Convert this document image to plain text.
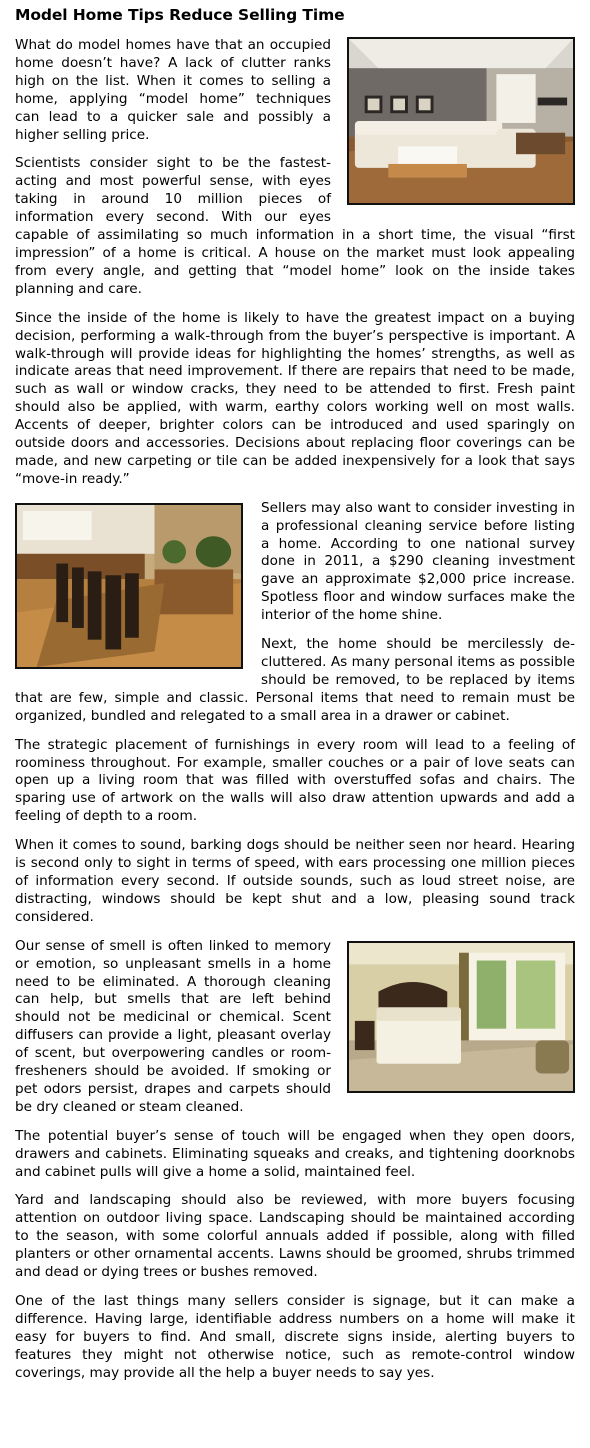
Model Home Tips Reduce Selling Time

What do model homes have that an occupied home doesn’t have? A lack of clutter ranks high on the list. When it comes to selling a home, applying “model home” techniques can lead to a quicker sale and possibly a higher selling price.

Scientists consider sight to be the fastest-acting and most powerful sense, with eyes taking in around 10 million pieces of information every second. With our eyes capable of assimilating so much information in a short time, the visual “first impression” of a home is critical. A house on the market must look appealing from every angle, and getting that “model home” look on the inside takes planning and care.

Since the inside of the home is likely to have the greatest impact on a buying decision, performing a walk-through from the buyer’s perspective is important. A walk-through will provide ideas for highlighting the homes’ strengths, as well as indicate areas that need improvement. If there are repairs that need to be made, such as wall or window cracks, they need to be attended to first. Fresh paint should also be applied, with warm, earthy colors working well on most walls. Accents of deeper, brighter colors can be introduced and used sparingly on outside doors and accessories. Decisions about replacing floor coverings can be made, and new carpeting or tile can be added inexpensively for a look that says “move-in ready.”

Sellers may also want to consider investing in a professional cleaning service before listing a home. According to one national survey done in 2011, a $290 cleaning investment gave an approximate $2,000 price increase. Spotless floor and window surfaces make the interior of the home shine.

Next, the home should be mercilessly de-cluttered. As many personal items as possible should be removed, to be replaced by items that are few, simple and classic. Personal items that need to remain must be organized, bundled and relegated to a small area in a drawer or cabinet.

The strategic placement of furnishings in every room will lead to a feeling of roominess throughout. For example, smaller couches or a pair of love seats can open up a living room that was filled with overstuffed sofas and chairs. The sparing use of artwork on the walls will also draw attention upwards and add a feeling of depth to a room.

When it comes to sound, barking dogs should be neither seen nor heard. Hearing is second only to sight in terms of speed, with ears processing one million pieces of information every second. If outside sounds, such as loud street noise, are distracting, windows should be kept shut and a low, pleasing sound track considered.

Our sense of smell is often linked to memory or emotion, so unpleasant smells in a home need to be eliminated. A thorough cleaning can help, but smells that are left behind should not be medicinal or chemical. Scent diffusers can provide a light, pleasant overlay of scent, but overpowering candles or room-fresheners should be avoided. If smoking or pet odors persist, drapes and carpets should be dry cleaned or steam cleaned.

The potential buyer’s sense of touch will be engaged when they open doors, drawers and cabinets. Eliminating squeaks and creaks, and tightening doorknobs and cabinet pulls will give a home a solid, maintained feel.

Yard and landscaping should also be reviewed, with more buyers focusing attention on outdoor living space. Landscaping should be maintained according to the season, with some colorful annuals added if possible, along with filled planters or other ornamental accents. Lawns should be groomed, shrubs trimmed and dead or dying trees or bushes removed.

One of the last things many sellers consider is signage, but it can make a difference. Having large, identifiable address numbers on a home will make it easy for buyers to find. And small, discrete signs inside, alerting buyers to features they might not otherwise notice, such as remote-control window coverings, may provide all the help a buyer needs to say yes.
